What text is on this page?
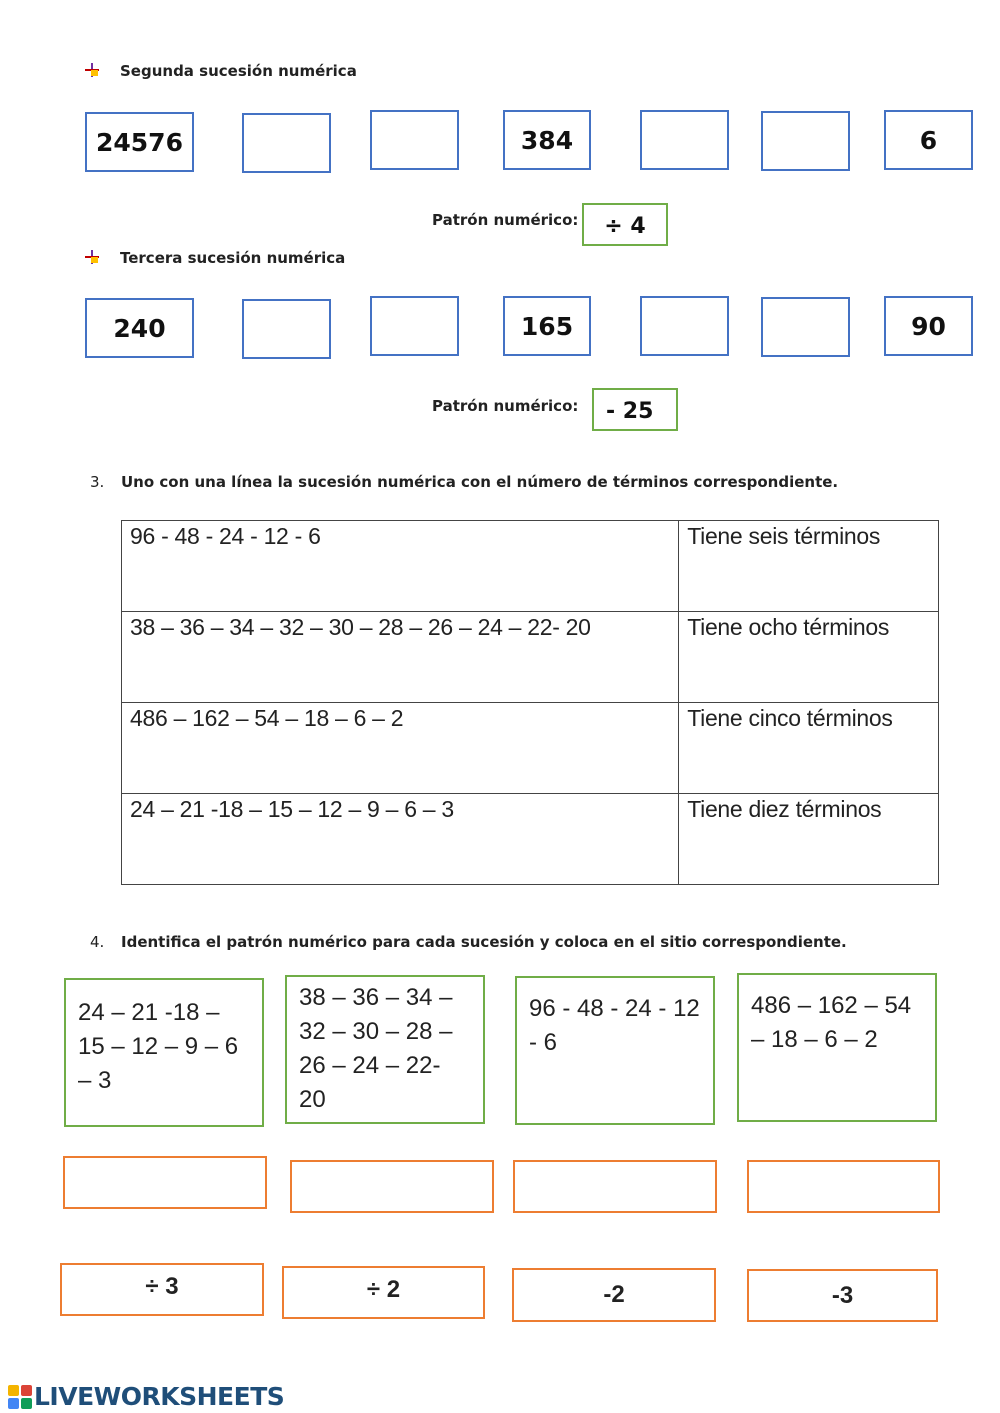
Segunda sucesión numérica
24576	384	6
Patrón numérico:	÷ 4
Tercera sucesión numérica
240	165	90
Patrón numérico:	- 25
3. Uno con una línea la sucesión numérica con el número de términos correspondiente.
96 - 48 - 24 - 12 - 6	Tiene seis términos
38 – 36 – 34 – 32 – 30 – 28 – 26 – 24 – 22- 20	Tiene ocho términos
486 – 162 – 54 – 18 – 6 – 2	Tiene cinco términos
24 – 21 -18 – 15 – 12 – 9 – 6 – 3	Tiene diez términos
4. Identifica el patrón numérico para cada sucesión y coloca en el sitio correspondiente.
24 – 21 -18 – 15 – 12 – 9 – 6 – 3
38 – 36 – 34 – 32 – 30 – 28 – 26 – 24 – 22- 20
96 - 48 - 24 - 12 - 6
486 – 162 – 54 – 18 – 6 – 2
÷ 3	÷ 2	-2	-3
LIVEWORKSHEETS
